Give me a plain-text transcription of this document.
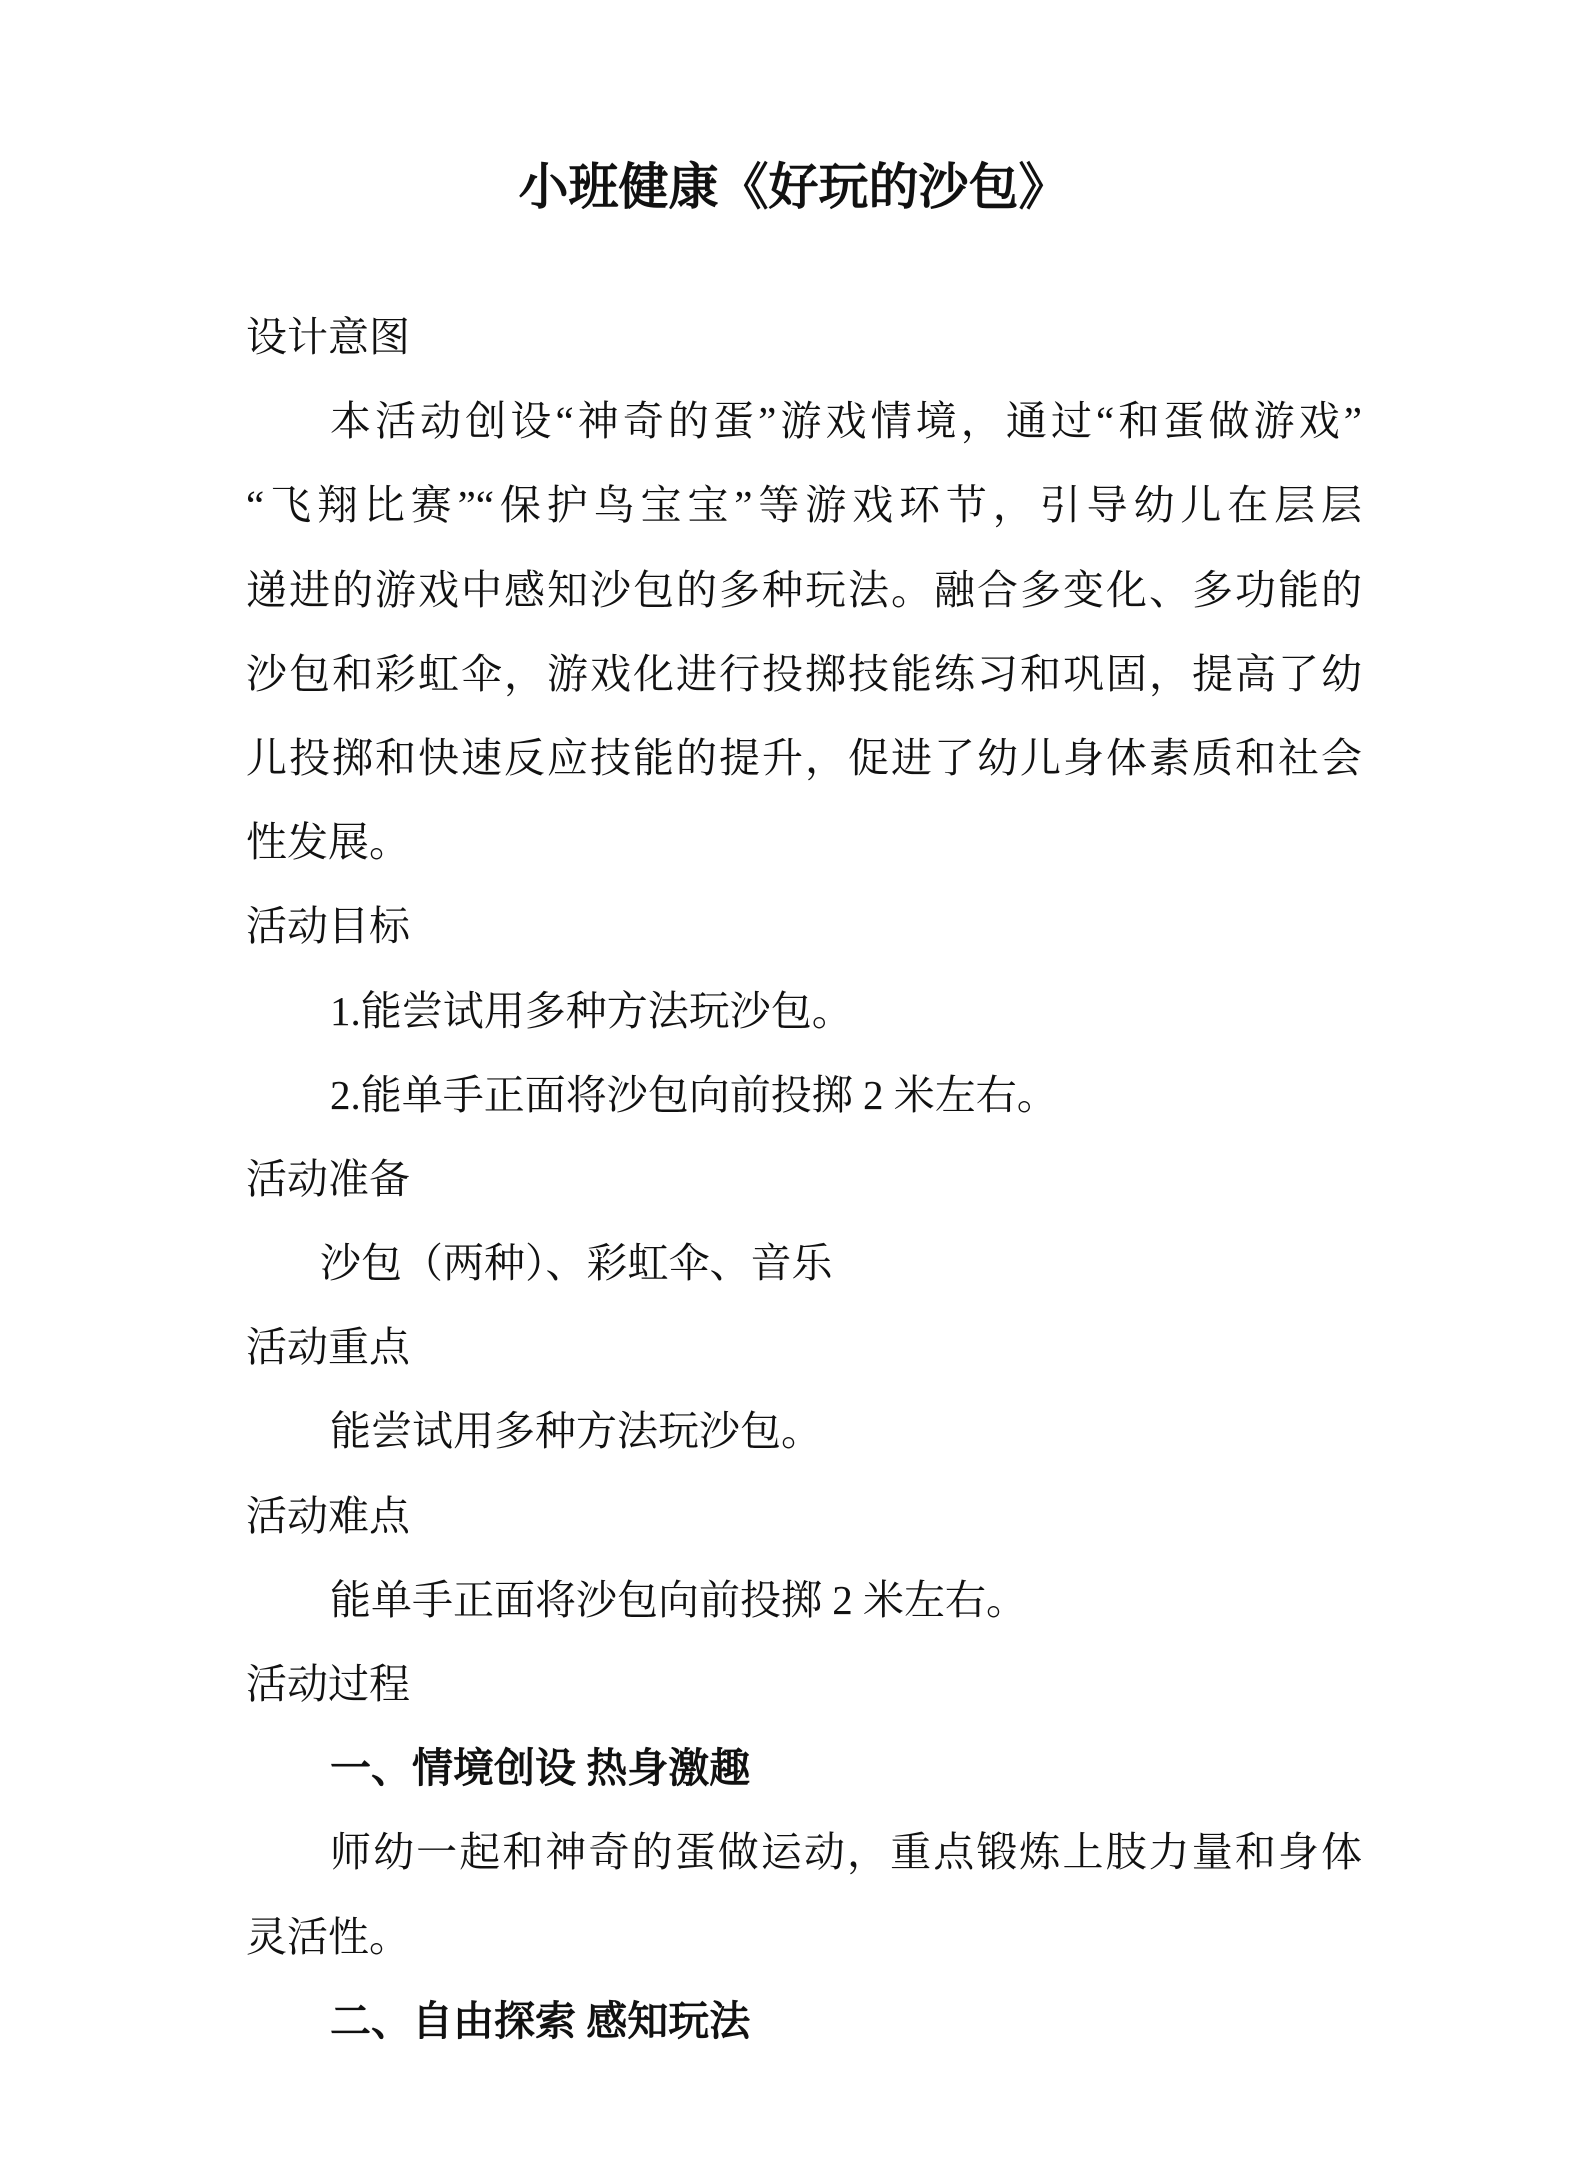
小班健康《好玩的沙包》
设计意图
本活动创设“神奇的蛋”游戏情境，通过“和蛋做游戏”
“飞翔比赛”“保护鸟宝宝”等游戏环节，引导幼儿在层层
递进的游戏中感知沙包的多种玩法。融合多变化、多功能的
沙包和彩虹伞，游戏化进行投掷技能练习和巩固，提高了幼
儿投掷和快速反应技能的提升，促进了幼儿身体素质和社会
性发展。
活动目标
1.能尝试用多种方法玩沙包。
2.能单手正面将沙包向前投掷 2 米左右。
活动准备
沙包（两种）、彩虹伞、音乐
活动重点
能尝试用多种方法玩沙包。
活动难点
能单手正面将沙包向前投掷 2 米左右。
活动过程
一、情境创设 热身激趣
师幼一起和神奇的蛋做运动，重点锻炼上肢力量和身体
灵活性。
二、自由探索 感知玩法
